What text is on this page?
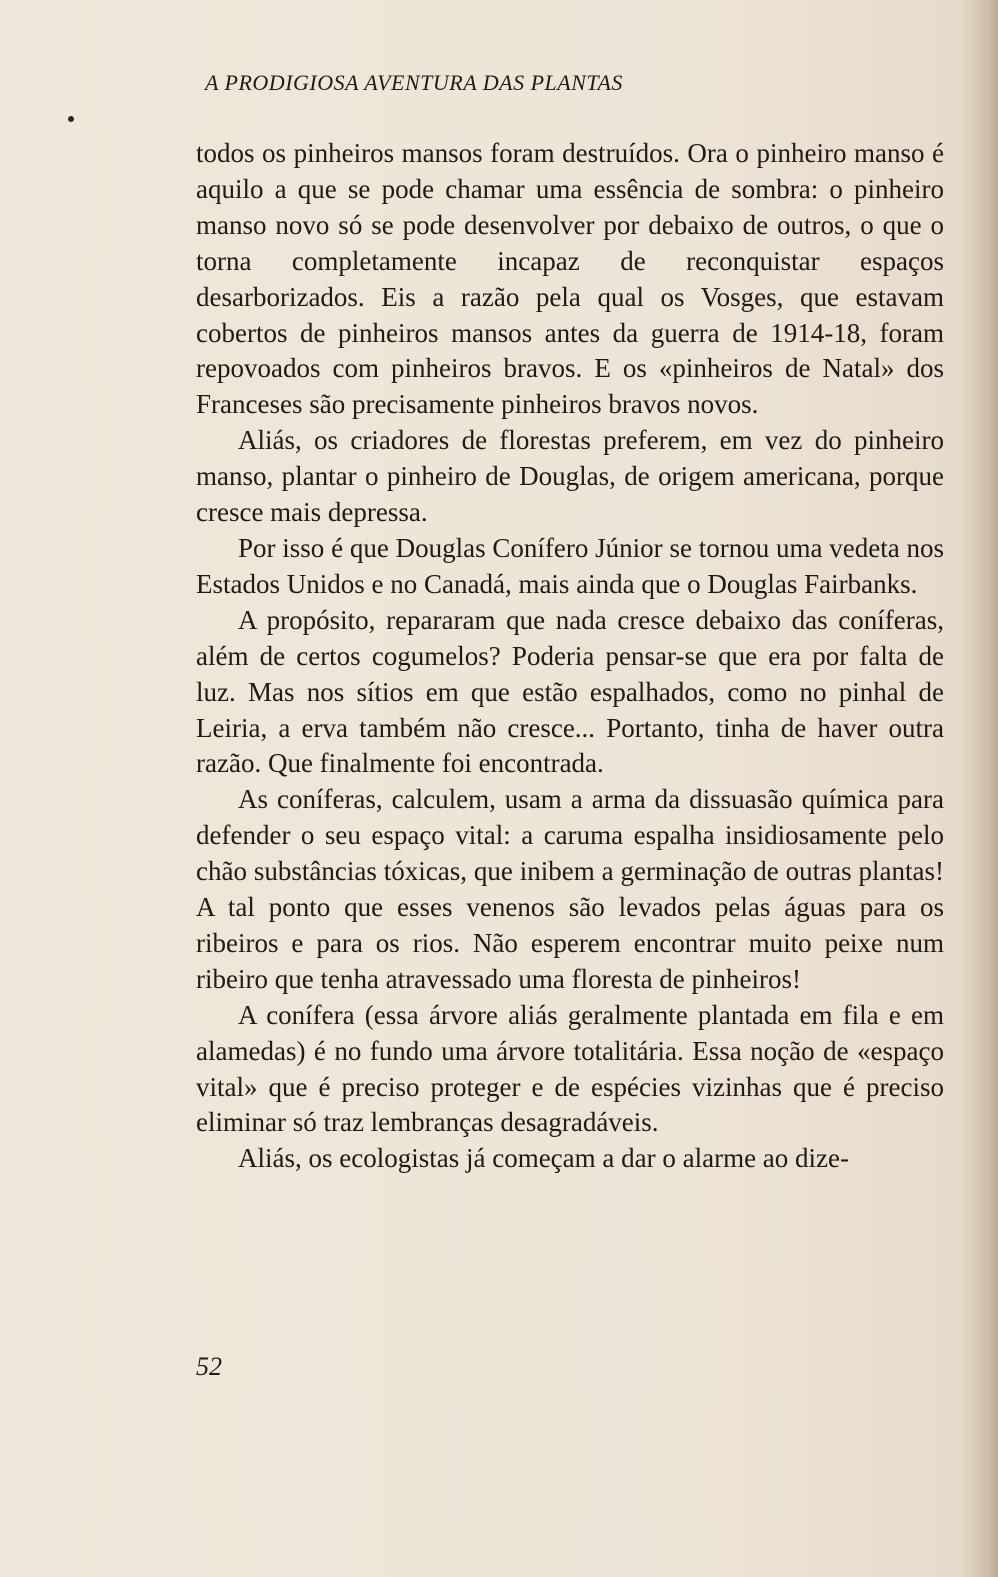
A PRODIGIOSA AVENTURA DAS PLANTAS

todos os pinheiros mansos foram destruídos. Ora o pinheiro manso é aquilo a que se pode chamar uma essência de sombra: o pinheiro manso novo só se pode desenvolver por debaixo de outros, o que o torna completamente incapaz de reconquistar espaços desarborizados. Eis a razão pela qual os Vosges, que estavam cobertos de pinheiros mansos antes da guerra de 1914-18, foram repovoados com pinheiros bravos. E os «pinheiros de Natal» dos Franceses são precisamente pinheiros bravos novos.

Aliás, os criadores de florestas preferem, em vez do pinheiro manso, plantar o pinheiro de Douglas, de origem americana, porque cresce mais depressa.

Por isso é que Douglas Conífero Júnior se tornou uma vedeta nos Estados Unidos e no Canadá, mais ainda que o Douglas Fairbanks.

A propósito, repararam que nada cresce debaixo das coníferas, além de certos cogumelos? Poderia pensar-se que era por falta de luz. Mas nos sítios em que estão espalhados, como no pinhal de Leiria, a erva também não cresce... Portanto, tinha de haver outra razão. Que finalmente foi encontrada.

As coníferas, calculem, usam a arma da dissuasão química para defender o seu espaço vital: a caruma espalha insidiosamente pelo chão substâncias tóxicas, que inibem a germinação de outras plantas! A tal ponto que esses venenos são levados pelas águas para os ribeiros e para os rios. Não esperem encontrar muito peixe num ribeiro que tenha atravessado uma floresta de pinheiros!

A conífera (essa árvore aliás geralmente plantada em fila e em alamedas) é no fundo uma árvore totalitária. Essa noção de «espaço vital» que é preciso proteger e de espécies vizinhas que é preciso eliminar só traz lembranças desagradáveis.

Aliás, os ecologistas já começam a dar o alarme ao dize-

52
